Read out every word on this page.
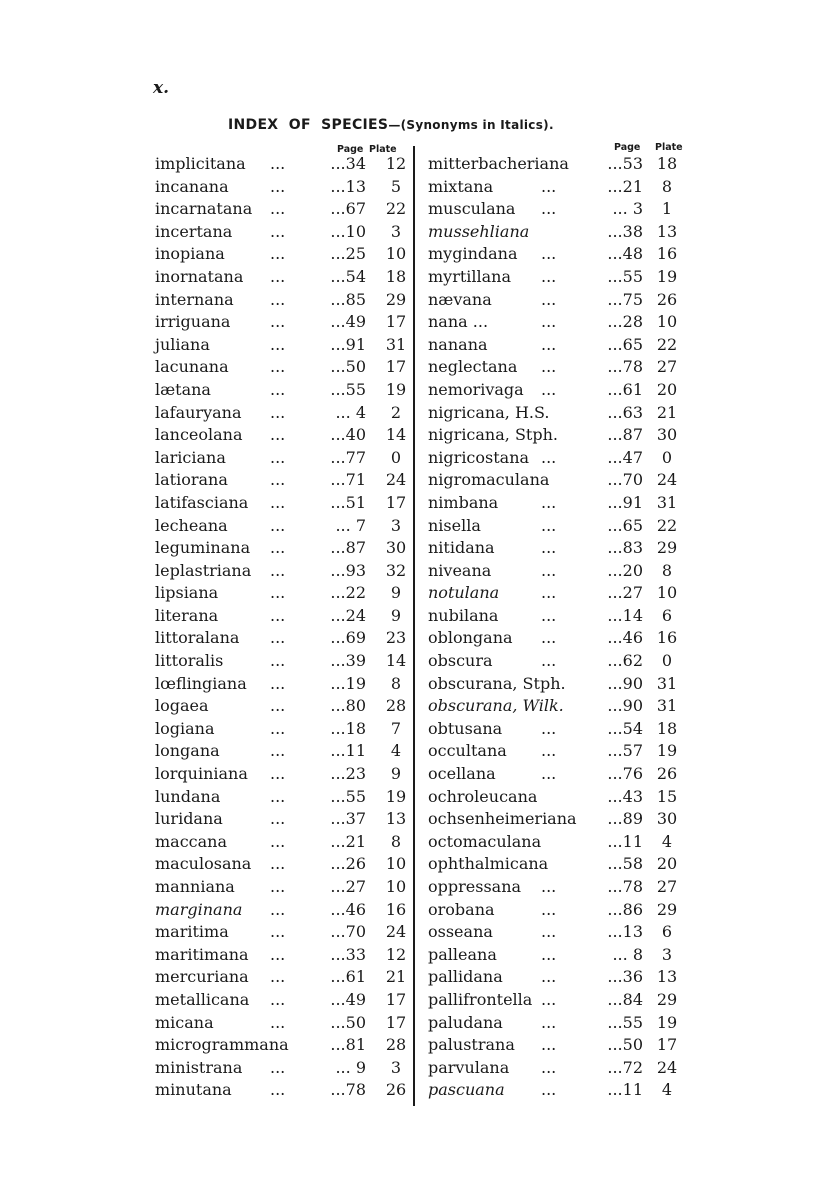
x.
INDEX  OF  SPECIES—(Synonyms in Italics).
Page Plate	Page Plate
implicitana ...	...34	12
incanana	...	...13	5
incarnatana ...	...67	22
incertana ...	...10	3
inopiana	...	...25	10
inornatana ...	...54	18
internana ...	...85	29
irriguana ...	...49	17
juliana	...	...91	31
lacunana	...	...50	17
lætana	...	...55	19
lafauryana ...	... 4	2
lanceolana ...	...40	14
lariciana	...	...77	0
latiorana	...	...71	24
latifasciana ...	...51	17
lecheana	...	... 7	3
leguminana ...	...87	30
leplastriana ...	...93	32
lipsiana	...	...22	9
literana	...	...24	9
littoralana ...	...69	23
littoralis	...	...39	14
lœflingiana ...	...19	8
logaea	...	...80	28
logiana	...	...18	7
longana	...	...11	4
lorquiniana ...	...23	9
lundana	...	...55	19
luridana	...	...37	13
maccana	...	...21	8
maculosana ...	...26	10
manniana ...	...27	10
marginana ...	...46	16
maritima	...	...70	24
maritimana ...	...33	12
mercuriana ...	...61	21
metallicana ...	...49	17
micana	...	...50	17
microgrammana	...81	28
ministrana ...	... 9	3
minutana ...	...78	26
mitterbacheriana	...53 18
mixtana	...	...21	8
musculana ...	... 3	1
mussehliana	...38 13
mygindana ...	...48 16
myrtillana ...	...55 19
nævana	...	...75 26
nana ...	...	...28 10
nanana	...	...65 22
neglectana ...	...78 27
nemorivaga ...	...61 20
nigricana, H.S.	...63 21
nigricana, Stph.	...87 30
nigricostana ...	...47	0
nigromaculana	...70 24
nimbana	...	...91 31
nisella	...	...65 22
nitidana	...	...83 29
niveana	...	...20	8
notulana	...	...27 10
nubilana	...	...14	6
oblongana ...	...46 16
obscura	...	...62	0
obscurana, Stph.	...90 31
obscurana, Wilk.	...90 31
obtusana ...	...54 18
occultana ...	...57 19
ocellana	...	...76 26
ochroleucana	...43 15
ochsenheimeriana	...89 30
octomaculana	...11	4
ophthalmicana	...58 20
oppressana ...	...78 27
orobana	...	...86 29
osseana	...	...13	6
palleana	...	... 8	3
pallidana ...	...36 13
pallifrontella ...	...84 29
paludana ...	...55 19
palustrana ...	...50 17
parvulana ...	...72 24
pascuana ...	...11	4
